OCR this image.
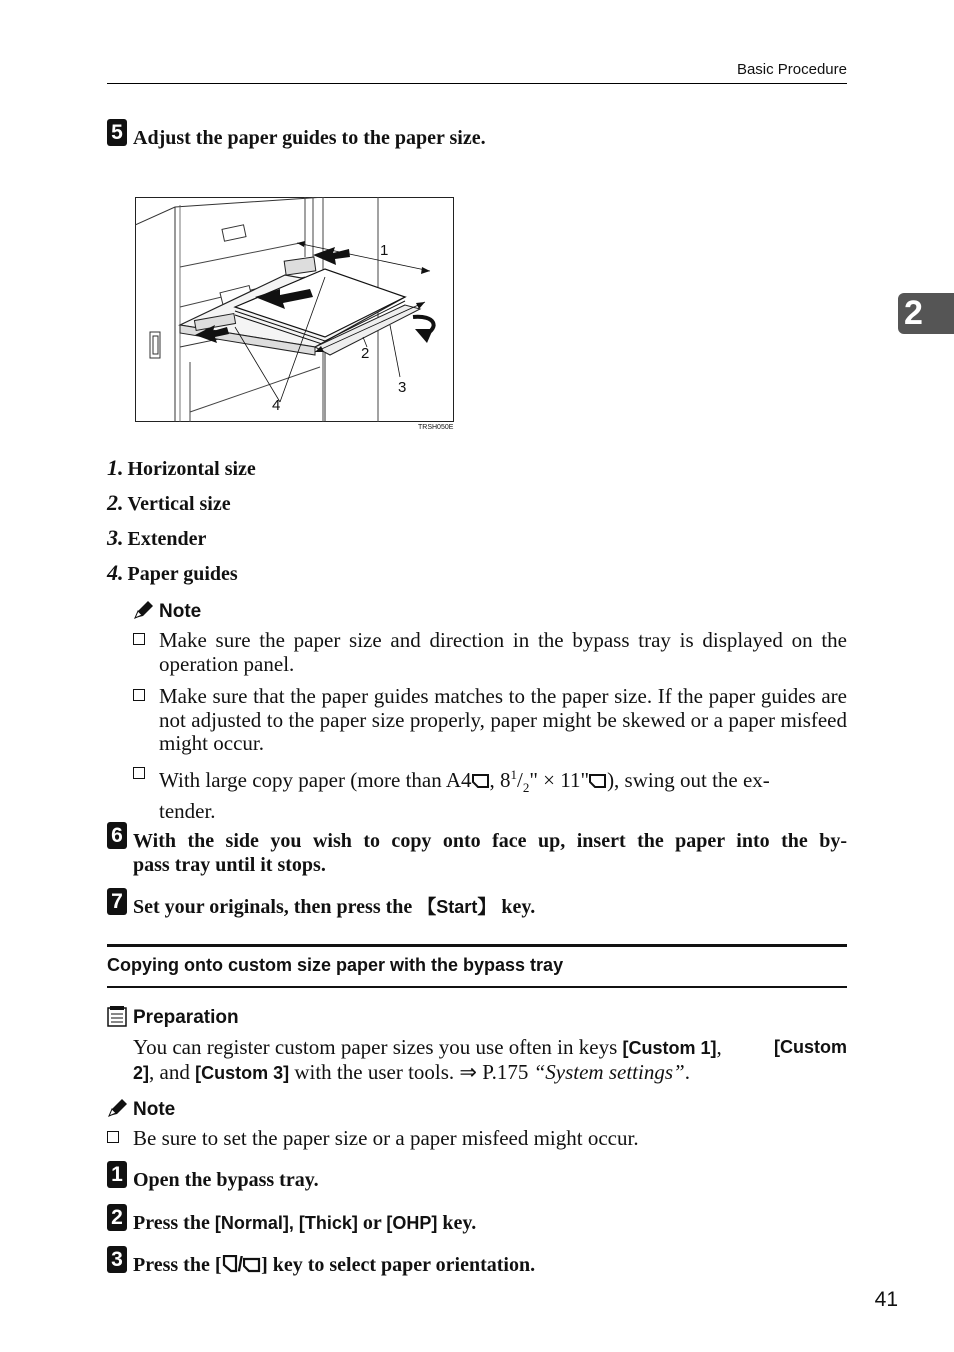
Basic Procedure
2
5 Adjust the paper guides to the paper size.
1
2
3
4
TRSH050E
1. Horizontal size
2. Vertical size
3. Extender
4. Paper guides
Note
Make sure the paper size and direction in the bypass tray is displayed on the operation panel.
Make sure that the paper guides matches to the paper size. If the paper guides are not adjusted to the paper size properly, paper might be skewed or a paper misfeed might occur.
With large copy paper (more than A4 , $8^1/_2$" × 11" ), swing out the ex-
tender.
6 With the side you wish to copy onto face up, insert the paper into the by-
pass tray until it stops.
7 Set your originals, then press the 【Start】 key.
Copying onto custom size paper with the bypass tray
Preparation
You can register custom paper sizes you use often in keys [Custom 1],	[Custom
2], and [Custom 3] with the user tools. ⇒ P.175 “System settings”.
Note
Be sure to set the paper size or a paper misfeed might occur.
1 Open the bypass tray.
2 Press the [Normal], [Thick] or [OHP] key.
3 Press the [ / ] key to select paper orientation.
41
